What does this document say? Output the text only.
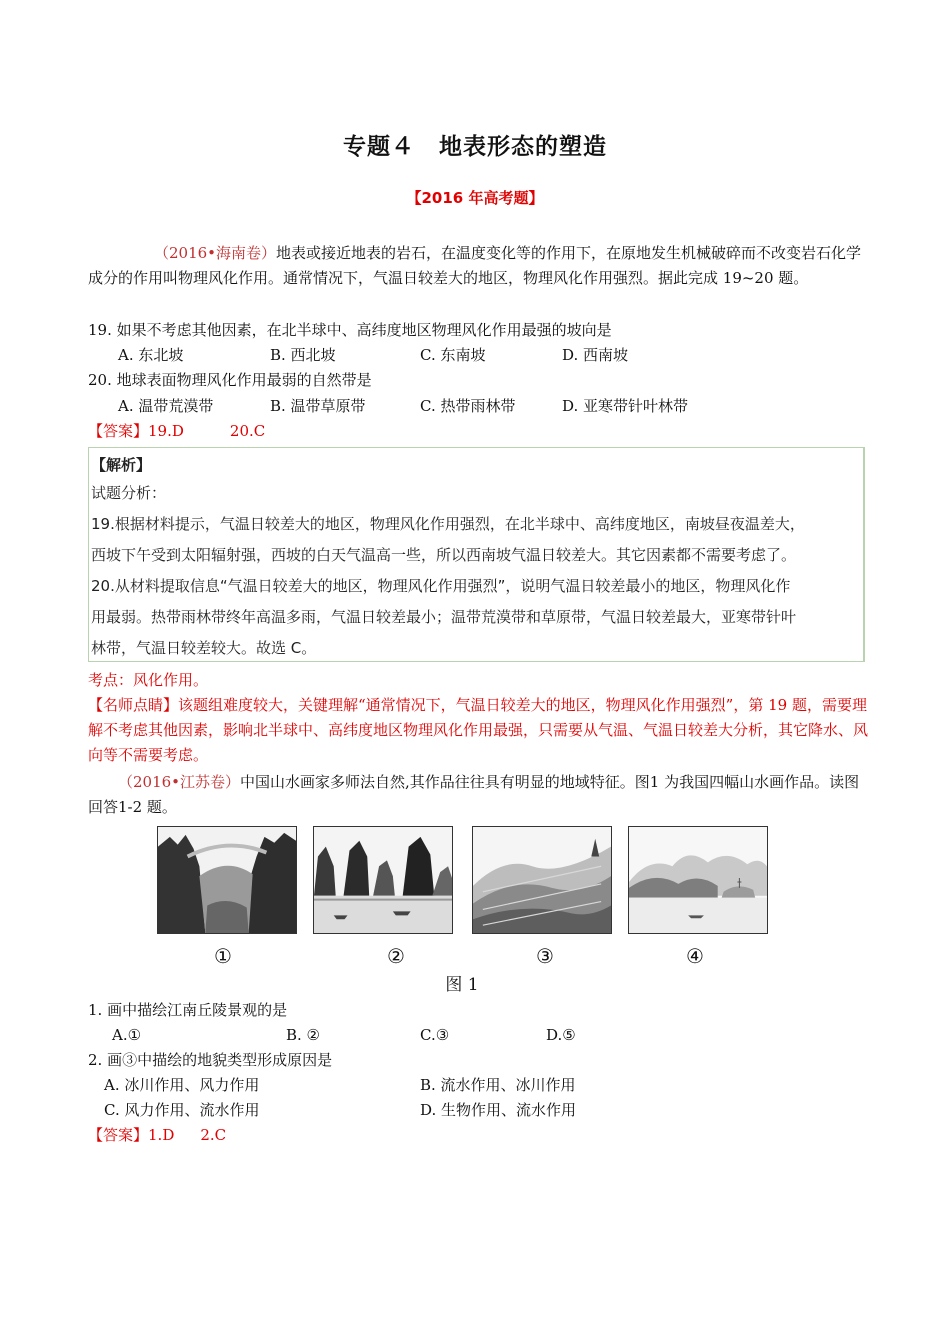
专题４　地表形态的塑造
【2016 年高考题】
（2016•海南卷）地表或接近地表的岩石，在温度变化等的作用下，在原地发生机械破碎而不改变岩石化学成分的作用叫物理风化作用。通常情况下，气温日较差大的地区，物理风化作用强烈。据此完成 19~20 题。
19. 如果不考虑其他因素，在北半球中、高纬度地区物理风化作用最强的坡向是
A. 东北坡	B. 西北坡	C. 东南坡	D. 西南坡
20. 地球表面物理风化作用最弱的自然带是
A. 温带荒漠带	B. 温带草原带	C. 热带雨林带	D. 亚寒带针叶林带
【答案】19.D	20.C
【解析】
试题分析：
19.根据材料提示，气温日较差大的地区，物理风化作用强烈，在北半球中、高纬度地区，南坡昼夜温差大，
西坡下午受到太阳辐射强，西坡的白天气温高一些，所以西南坡气温日较差大。其它因素都不需要考虑了。
20.从材料提取信息“气温日较差大的地区，物理风化作用强烈”，说明气温日较差最小的地区，物理风化作
用最弱。热带雨林带终年高温多雨，气温日较差最小；温带荒漠带和草原带，气温日较差最大，亚寒带针叶
林带，气温日较差较大。故选 C。
考点：风化作用。
【名师点睛】该题组难度较大，关键理解“通常情况下，气温日较差大的地区，物理风化作用强烈”，第 19 题，需要理解不考虑其他因素，影响北半球中、高纬度地区物理风化作用最强，只需要从气温、气温日较差大分析，其它降水、风向等不需要考虑。
（2016•江苏卷）中国山水画家多师法自然,其作品往往具有明显的地域特征。图1 为我国四幅山水画作品。读图回答1-2 题。
①	②	③	④
图 1
1. 画中描绘江南丘陵景观的是
A.①	B. ②	C.③	D.⑤
2. 画③中描绘的地貌类型形成原因是
A. 冰川作用、风力作用	B. 流水作用、冰川作用
C. 风力作用、流水作用	D. 生物作用、流水作用
【答案】1.D 2.C
